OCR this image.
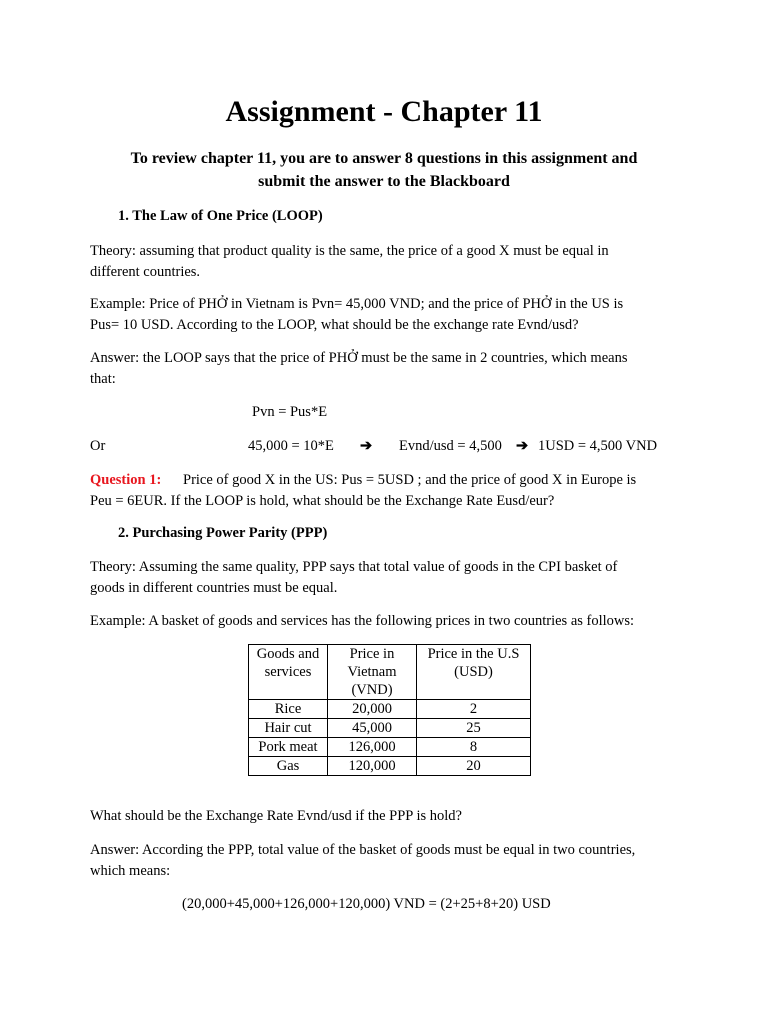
Assignment - Chapter 11
To review chapter 11, you are to answer 8 questions in this assignment and
submit the answer to the Blackboard
1. The Law of One Price (LOOP)
Theory: assuming that product quality is the same, the price of a good X must be equal in
different countries.
Example: Price of PHỞ in Vietnam is Pvn= 45,000 VND; and the price of PHỞ in the US is
Pus= 10 USD. According to the LOOP, what should be the exchange rate Evnd/usd?
Answer: the LOOP says that the price of PHỞ must be the same in 2 countries, which means
that:
Pvn = Pus*E
Or	45,000 = 10*E ➔ Evnd/usd = 4,500 ➔ 1USD = 4,500 VND
Question 1: Price of good X in the US: Pus = 5USD ; and the price of good X in Europe is
Peu = 6EUR. If the LOOP is hold, what should be the Exchange Rate Eusd/eur?
2. Purchasing Power Parity (PPP)
Theory: Assuming the same quality, PPP says that total value of goods in the CPI basket of
goods in different countries must be equal.
Example: A basket of goods and services has the following prices in two countries as follows:
Goods and services	Price in Vietnam (VND)	Price in the U.S (USD)
Rice	20,000	2
Hair cut	45,000	25
Pork meat	126,000	8
Gas	120,000	20
What should be the Exchange Rate Evnd/usd if the PPP is hold?
Answer: According the PPP, total value of the basket of goods must be equal in two countries,
which means:
(20,000+45,000+126,000+120,000) VND = (2+25+8+20) USD
